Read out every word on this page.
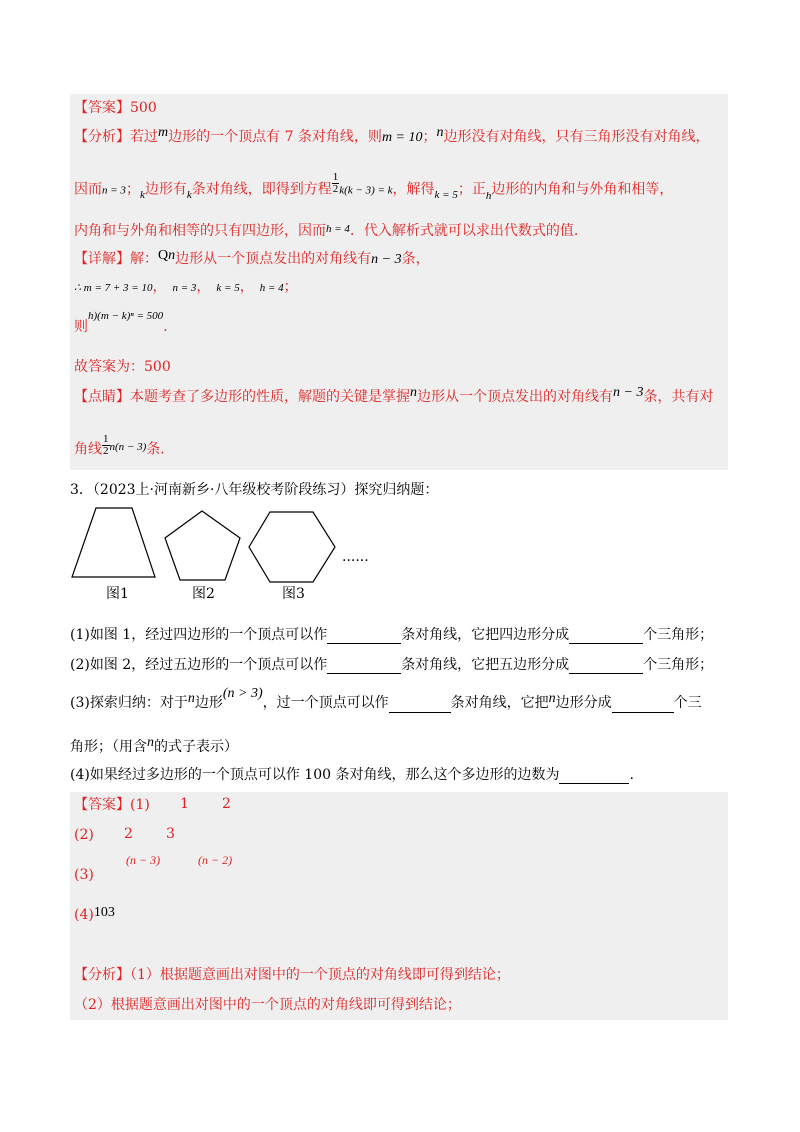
【答案】500
【分析】若过m边形的一个顶点有 7 条对角线，则m = 10；n边形没有对角线，只有三角形没有对角线，
因而n = 3；$_k$边形有$_k$条对角线，即得到方程 $\frac{1}{2} k(k - 3) = k$，解得$_{k = 5}$；正$_h$边形的内角和与外角和相等，
内角和与外角和相等的只有四边形，因而$^{h = 4}$．代入解析式就可以求出代数式的值.
【详解】解：Qn边形从一个顶点发出的对角线有n − 3条，
∴ m = 7 + 3 = 10， n = 3， k = 5， h = 4；
则$^{h)(m - k)^n = 500}$.
故答案为：500
【点睛】本题考查了多边形的性质，解题的关键是掌握n边形从一个顶点发出的对角线有n − 3条，共有对
角线 $\frac{1}{2} ^{n(n - 3)}$条.
3．（2023上·河南新乡·八年级校考阶段练习）探究归纳题：
......
图1	图2	图3
(1)如图 1，经过四边形的一个顶点可以作	条对角线，它把四边形分成	个三角形；
(2)如图 2，经过五边形的一个顶点可以作	条对角线，它把五边形分成	个三角形；
(3)探索归纳：对于n边形(n > 3)，过一个顶点可以作	条对角线，它把n边形分成	个三
角形；（用含n的式子表示）
(4)如果经过多边形的一个顶点可以作 100 条对角线，那么这个多边形的边数为	.
【答案】(1) 1 2
(2) 2 3
(3)
(n − 3)	(n − 2)
(4)103
【分析】（1）根据题意画出对图中的一个顶点的对角线即可得到结论；
（2）根据题意画出对图中的一个顶点的对角线即可得到结论；
